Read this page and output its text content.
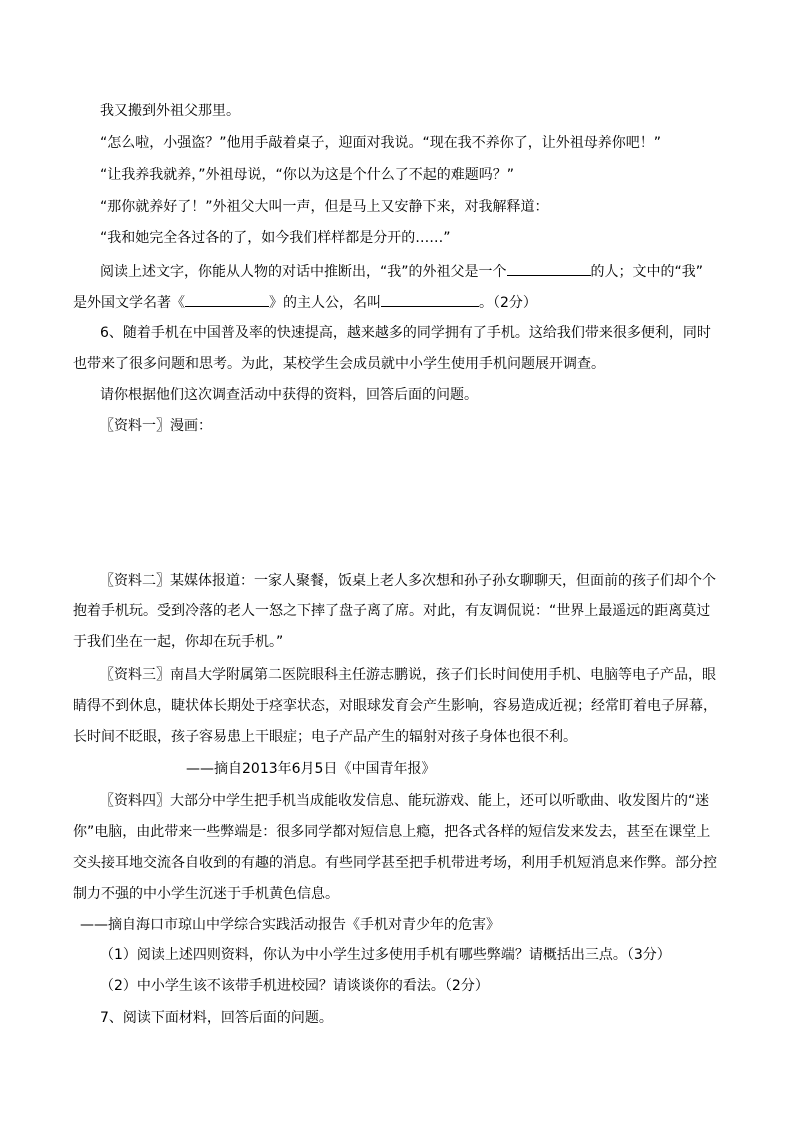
我又搬到外祖父那里。

“怎么啦，小强盗？”他用手敲着桌子，迎面对我说。“现在我不养你了，让外祖母养你吧！”

“让我养我就养，”外祖母说，“你以为这是个什么了不起的难题吗？”

“那你就养好了！”外祖父大叫一声，但是马上又安静下来，对我解释道：

“我和她完全各过各的了，如今我们样样都是分开的……”

阅读上述文字，你能从人物的对话中推断出，“我”的外祖父是一个	的人；文中的“我”

是外国文学名著《	》的主人公，名叫	。（2分）

6、随着手机在中国普及率的快速提高，越来越多的同学拥有了手机。这给我们带来很多便利，同时

也带来了很多问题和思考。为此，某校学生会成员就中小学生使用手机问题展开调查。

请你根据他们这次调查活动中获得的资料，回答后面的问题。

〖资料一〗漫画：

〖资料二〗某媒体报道：一家人聚餐，饭桌上老人多次想和孙子孙女聊聊天，但面前的孩子们却个个

抱着手机玩。受到冷落的老人一怒之下摔了盘子离了席。对此，有友调侃说：“世界上最遥远的距离莫过

于我们坐在一起，你却在玩手机。”

〖资料三〗南昌大学附属第二医院眼科主任游志鹏说，孩子们长时间使用手机、电脑等电子产品，眼

睛得不到休息，睫状体长期处于痉挛状态，对眼球发育会产生影响，容易造成近视；经常盯着电子屏幕，

长时间不眨眼，孩子容易患上干眼症；电子产品产生的辐射对孩子身体也很不利。

——摘自2013年6月5日《中国青年报》

〖资料四〗大部分中学生把手机当成能收发信息、能玩游戏、能上，还可以听歌曲、收发图片的“迷

你”电脑，由此带来一些弊端是：很多同学都对短信息上瘾，把各式各样的短信发来发去，甚至在课堂上

交头接耳地交流各自收到的有趣的消息。有些同学甚至把手机带进考场，利用手机短消息来作弊。部分控

制力不强的中小学生沉迷于手机黄色信息。

——摘自海口市琼山中学综合实践活动报告《手机对青少年的危害》

（1）阅读上述四则资料，你认为中小学生过多使用手机有哪些弊端？请概括出三点。（3分）

（2）中小学生该不该带手机进校园？请谈谈你的看法。（2分）

7、阅读下面材料，回答后面的问题。
